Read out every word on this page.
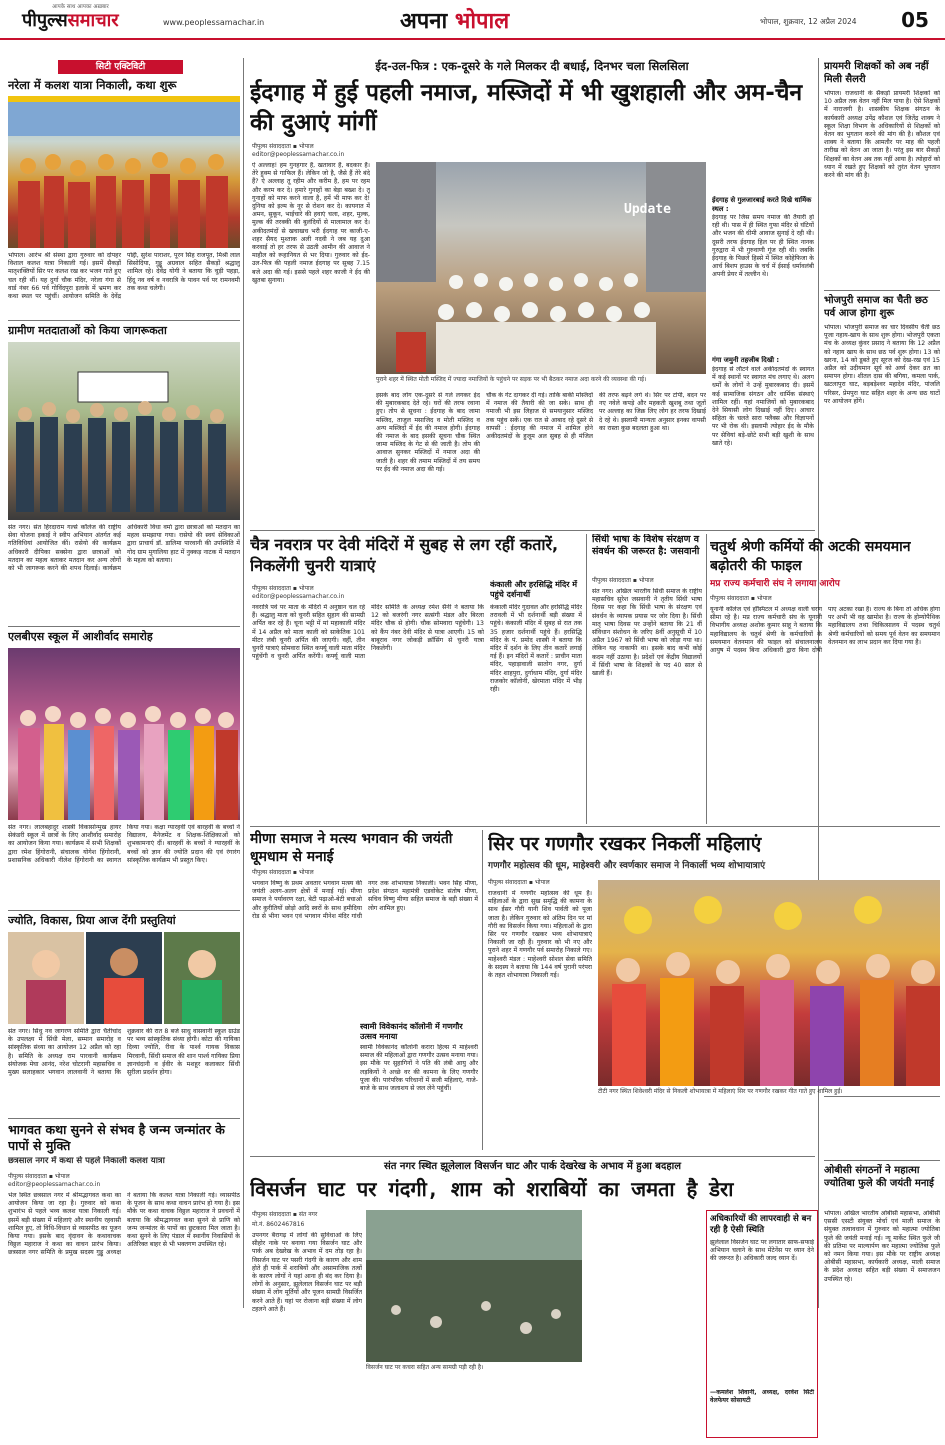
आपके साथ आपका अख़बार
पीपुल्ससमाचार	www.peoplessamachar.in	अपना भोपाल	भोपाल, शुक्रवार, 12 अप्रैल 2024	05
सिटी एक्टिविटी
नरेला में कलश यात्रा निकाली, कथा शुरू
भोपाल। आरंभ श्री संस्था द्वारा गुरुवार को दोपहर विशाल कलश यात्रा निकाली गई। इसमें सैकड़ों मातृशक्तियों सिर पर कलश रख कर भजन गाते हुए चल रही थीं। यह दुर्गा चौक मंदिर, नरेला गंगा से वार्ड नंबर 66 पर्व गोविंदपुरा इलाके में भ्रमण कर कथा स्थल पर पहुंचीं। आयोजन समिति के देवेंद्र पोद्दी, सुरेश पाराशर, पूरन सिंह राजपूत, मिश्री लाल सिसोदिया, गुड्डू अग्रवाल सहित सैकड़ों श्रद्धालु शामिल रहे। देवेंद्र योगी ने बताया कि चुड़ी पहड़ा, हिंदू नव वर्ष व नवरात्रि के पावन पर्व पर रामनवमी तक कथा चलेगी।
ग्रामीण मतदाताओं को किया जागरूकता
संत नगर। संत हिरदाराम गर्ल्स कॉलेज की राष्ट्रीय सेवा योजना इकाई ने स्वीप अभियान अंतर्गत कई गतिविधियां आयोजित कीं। रासेयो की कार्यक्रम अधिकारी दीपिका सक्सेना द्वारा छात्राओं को मतदान का महत्व बताकर मतदान कर अन्य लोगों को भी जागरूक करने की शपथ दिलाई। कार्यक्रम अधिकारी विधा वर्मा द्वारा छात्राओं को मतदान का महत्व समझाया गया। रासेयो की स्वयं सेविकाओं द्वारा प्राचार्य डॉ. डालिमा पारवानी की उपस्थिति में गोद ग्राम मुगालिया हाट में नुक्कड़ नाटक में मतदान के महत्व को बताया।
एलबीएस स्कूल में आशीर्वाद समारोह
संत नगर। लालबहादुर शास्त्री विकासोन्मुख हायर सेकंडरी स्कूल में छात्रों के लिए आशीर्वाद समारोह का आयोजन किया गया। कार्यक्रम में सभी शिक्षकों द्वारा रमेश हिंगोरानी, संचालक योगेश हिंगोरानी, प्रशासनिक अधिकारी नीलेश हिंगोरानी का स्वागत किया गया। कक्षा ग्यारहवीं एवं बारहवीं के बच्चों ने विद्यालय, मैनेजमेंट व शिक्षक-शिक्षिकाओं को शुभकामनाएं दीं। बारहवीं के बच्चों ने ग्यारहवीं के बच्चों को ज्ञान की ज्योति प्रदान की एवं रंगारंग सांस्कृतिक कार्यक्रम भी प्रस्तुत किए।
ज्योति, विकास, प्रिया आज देंगी प्रस्तुतियां
संत नगर। सिंधु नव जागरण समिति द्वारा चैतीचांद के उपलक्ष्य में सिंधी मेला, सम्मान समारोह व सांस्कृतिक संध्या का आयोजन 12 अप्रैल को रहा है। समिति के अध्यक्ष राम पारवानी कार्यक्रम संयोजक मेघा आनंद, नरेश चोटरानी महासचिव व मुख्य सलाहकार भगवान लालवानी ने बताया कि शुक्रवार की रात 8 बजे साधु वासवानी स्कूल ग्राउंड पर भव्य सांस्कृतिक संध्या होगी। कोटा की गायिका दिव्या ज्योति, रीवा के पार्श्व गायक विकास मिरवानी, सिंधी समाज की शान पार्श्व गायिका प्रिया ज्ञानचंदानी व ईवीर के मशहूर कलाकार सिंधी सुरीला प्रदर्शन होगा।
भागवत कथा सुनने से संभव है जन्म जन्मांतर के पापों से मुक्ति
छत्रसाल नगर में कथा से पहले निकाली कलश यात्रा
पीपुल्स संवाददाता ▪ भोपाल
editor@peoplessamachar.co.in
भेल स्थित छत्रसाल नगर में श्रीमद्भागवत कथा का आयोजन किया जा रहा है। गुरुवार को कथा शुभारंभ से पहले भव्य कलश यात्रा निकाली गई। इसमें बड़ी संख्या में महिलाएं और स्थानीय रहवासी शामिल हुए, तो विधि-विधान से व्यासपीठ का पूजन किया गया। इसके बाद वृंदावन के कथावाचक विठ्ठल महाराज ने कथा का वाचन प्रारंभ किया। छत्रसाल नगर समिति के प्रमुख सदस्य गुड्डू अध्यक्ष ने बताया कि कलश यात्रा निकाली गई। व्यासपीठ के पूजन के साथ कथा वाचन प्रारंभ हो गया है। इस मौके पर कथा वाचक विठ्ठल महाराज ने प्रवचनों में बताया कि श्रीमद्भागवत कथा सुनने से प्राणि को जन्म जन्मांतर के पापों का छुटकारा मिल जाता है। कथा सुनने के लिए पंडाल में स्थानीय निवासियों के अतिरिक्त बाहर से भी भक्तगण उपस्थित रहे।
ईद-उल-फित्र : एक-दूसरे के गले मिलकर दी बधाई, दिनभर चला सिलसिला
ईदगाह में हुई पहली नमाज, मस्जिदों में भी खुशहाली और अम-चैन की दुआएं मांगीं
पीपुल्स संवाददाता ▪ भोपाल
editor@peoplessamachar.co.in
ऐ अल्लाह! हम गुनहगार हैं, खतावार हैं, बदकार हैं। तेरे हुक्म से गाफिल हैं। लेकिन जो है, जैसे हैं तेरे बंदे हैं? ऐ अल्लाह तू रहीम और करीम है, हम पर रहम और करम कर दे। हमारे गुनाहों का बेड़ा बख्श दे। तू गुनाहों को माफ करने वाला है, हमें भी माफ कर दे! दुनिया को इल्म के नूर से रोशन कर दे। कायनात में अमन, सुकून, भाईचारे की हवाएं चला, शहर, मुल्क, मुल्क की तरक्की की बुलंदियों से मालामाल कर दे। अकीदतमंदों से खचाखच भरी ईदगाह पर काजी-ए-शहर सैयद मुश्ताक अली नदवी ने जब यह दुआ करवाई तो हर तरफ से उठती आमीन की आवाज ने माहौल को रूहानियत से भर दिया। गुरुवार को ईद-उल-फित्र की पहली नमाज ईदगाह पर सुबह 7.15 बजे अदा की गई। इससे पहले शहर काजी ने ईद की खुतबा सुनाया।
Update
पुराने शहर में स्थित मोती मस्जिद में ज्यादा नमाजियों के पहुंचने पर सड़क पर भी बैठकर नमाज अदा करने की व्यवस्था की गई।
इसके बाद लोग एक-दूसरे से गले लगकर ईद की मुबारकबाद देते रहे। घरों की तरफ रवाना हुए। तोप से सूचना : ईदगाह के बाद जामा मस्जिद, ताजुल मसाजिद व मोती मस्जिद व अन्य मस्जिदों में ईद की नमाज होगी। ईदगाह की नमाज के बाद इसकी सूचना चौक स्थित जामा मस्जिद के गेट से की जाती है। तोप की आवाज सुनकर मस्जिदों में नमाज अदा की जाती है। शहर की तमाम मस्जिदों में तय समय पर ईद की नमाज अदा की गई।
चौक के गेट दागकर दी गई। ताकि बाकी मस्जिदों में नमाज की तैयारी की जा सके। साथ ही नमाजी भी इस लिहाज से समयानुसार मस्जिद तक पहुंच सकें। एक रात से आबाद रहे दूसरे से वापसी : ईदगाह की नमाज में शामिल होने अकीदतमंदों के हुजूम अल सुबह से ही मंजिल की तरफ बढ़ने लगे थे। सिर पर टोपी, बदन पर नए नवेले कपड़े और महकती खुशबू तथा जूतों पर अल्लाह का जिक्र लिए लोग हर तरफ दिखाई दे रहे थे। इस्लामी मान्यता अनुसार इनका वापसी का रास्ता कुछ बदलता हुआ था।
ईदगाह से गुलजारबाई करते दिखे धार्मिक स्थल :
ईदगाह पर जिस समय नमाज की तैयारी हो रही थी। पास में ही स्थित गुफा मंदिर से घंटियों और भजन की धीमी आवाज सुनाई दे रही थी। दूसरी तरफ ईदगाह हिल पर ही स्थित नानक गुरुद्वारा में भी गुरुवाणी गूंज रही थी। जबकि ईदगाह के पिछले हिस्से में स्थित कोहेफिजा के आर्च बिशप हाउस के चर्च में ईसाई धर्मावलंबी अपनी प्रेयर में तल्लीन थे।
गंगा जमुनी तहजीब दिखी :
ईदगाह से लौटने वाले अकीदतमंदों के स्वागत में कई स्थानों पर स्वागत मंच लगाए थे। अलग धर्मों के लोगों ने उन्हें मुबारकबाद दी। इसमें कई सामाजिक संगठन और धार्मिक संस्थाएं शामिल रहीं। यहां नमाजियों को मुबारकबाद देने सियासी लोग दिखाई नहीं दिए। आचार संहिता के चलते सारा फ्लैक्स और विज्ञापनों पर भी रोक थी। इस्लामी त्योहार ईद के मौके पर सेवियां बड़े-छोटे सभी बड़ी खुशी के साथ खाते रहे।
प्रायमरी शिक्षकों को अब नहीं मिली सैलरी
भोपाल। राजधानी के सैकड़ों प्रायमरी शिक्षकों को 10 अप्रैल तक वेतन नहीं मिल पाया है। ऐसे शिक्षकों में नाराजगी है। शासकीय शिक्षक संगठन के कार्यकारी अध्यक्ष उपेंद्र कौशल एवं जितेंद्र शाक्य ने स्कूल शिक्षा विभाग के अधिकारियों से शिक्षकों को वेतन का भुगतान करने की मांग की है। कौशल एवं शाक्य ने बताया कि आमतौर पर माह की पहली तारीख को वेतन आ जाता है। परंतु इस बार सैकड़ों शिक्षकों का वेतन अब तक नहीं आया है। त्योहारों को ध्यान में रखते हुए शिक्षकों को तुरंत वेतन भुगतान करने की मांग की है।
भोजपुरी समाज का चैती छठ पर्व आज होगा शुरू
भोपाल। भोजपुरी समाज का चार दिवसीय चैती छठ पूजा नहाय-खाय के साथ शुरू होगा। भोजपुरी एकता मंच के अध्यक्ष कुंवर प्रसाद ने बताया कि 12 अप्रैल को नहाय खाय के साथ छठ पर्व शुरू होगा। 13 को खरना, 14 को डूबते हुए सूरज को देख-रख एवं 15 अप्रैल को उदीयमान सूर्य को अर्घ्य देकर व्रत का समापन होगा। शीतल दास की बगिया, कमला पार्क, खटलापुरा घाट, बड़बड़ेश्वर महादेव मंदिर, पांजलि परिसर, प्रेमपुरा घाट सहित शहर के अन्य छठ घाटों पर आयोजन होंगे।
चैत्र नवरात्र पर देवी मंदिरों में सुबह से लग रहीं कतारें, निकलेंगी चुनरी यात्राएं
पीपुल्स संवाददाता ▪ भोपाल
editor@peoplessamachar.co.in
नवरात्रि पर्व पर माता के मंदिरों में अनुष्ठान चल रहे हैं। श्रद्धालु माता को चुनरी सहित सुहाग की सामग्री अर्पित कर रहे हैं। चूना भट्टी में मां महाकाली मंदिर में 14 अप्रैल को माता काली को साकेतिक 101 मीटर लंबी चुनरी अर्पित की जाएगी। वहीं, तीन चुनरी यात्राएं सोमवारा स्थित कर्फ्यू वाली माता मंदिर पहुंचेंगी व चुनरी अर्पित करेंगी। कर्फ्यू वाली माता मंदिर समिति के अध्यक्ष रमेश सैनी ने बताया कि 12 को बजरंगी नगर सत्संगी मंडल और बिरला मंदिर चौक से होगी। चौक सोमवारा पहुंचेगी। 13 को कैंप नंबर देवी मंदिर से यात्रा आएगी। 15 को बाबूराव नगर जोकड़ी क्रॉसिंग से चुनरी यात्रा निकलेगी।
कंकाली और हरसिद्धि मंदिर में पहुंचे दर्शनार्थी
कंकाली मंदिर गुदावल और हरसिद्धि मंदिर तरावली में भी दर्शनार्थी बड़ी संख्या में पहुंचे। कंकाली मंदिर में सुबह से रात तक 35 हजार दर्शनार्थी पहुंचे हैं। हरसिद्धि मंदिर के पं. प्रमोद शास्त्री ने बताया कि मंदिर में दर्शन के लिए तीन कतारें लगाई गई हैं। इन मंदिरों में कतारें : प्राचीन माता मंदिर, पहाड़ावाली सातोग नगर, दुर्गा मंदिर शाहपुरा, दुर्गाधाम मंदिर, दुर्गा मंदिर राजकोर कॉलोनी, खेरमाता मंदिर में भीड़ रही।
सिंधी भाषा के विशेष संरक्षण व संवर्धन की जरूरत है: जसवानी
पीपुल्स संवाददाता ▪ भोपाल
संत नगर। अखिल भारतीय सिंधी समाज के राष्ट्रीय महासचिव सुरेश जसवानी ने तृतीय सिंधी भाषा दिवस पर कहा कि सिंधी भाषा के संरक्षण एवं संवर्धन के व्यापक प्रयास पर जोर दिया है। सिंधी मातृ भाषा दिवस पर उन्होंने बताया कि 21 वीं संविधान संशोधन के जरिए 8वीं अनुसूची में 10 अप्रैल 1967 को सिंधी भाषा को जोड़ा गया था। लेकिन यह नाकाफी था। इसके बाद कभी कोई कदम नहीं उठाया है। प्रदेशों एवं केंद्रीय विद्यालयों में सिंधी भाषा के शिक्षकों के पद 40 साल से खाली हैं।
चतुर्थ श्रेणी कर्मियों की अटकी समयमान बढ़ोतरी की फाइल
मप्र राज्य कर्मचारी संघ ने लगाया आरोप
पीपुल्स संवाददाता ▪ भोपाल
यूनानी कॉलेज एवं हॉस्पिटल में अध्यक्ष वाली चरण सीमा रहे है। मप्र राज्य कर्मचारी संघ के यूनानी विभागीय अध्यक्ष अशोक कुमार साहू ने बताया कि महाविद्यालय के चतुर्थ श्रेणी के कर्मचारियों के समयमान वेतनमान की फाइल को संचालनालय आयुष में पदस्थ बिना अधिकारी द्वारा बिना दोषी पाए अटका रखा है। राज्य के बिना तो अधिक होगा पर अभी भी वह खामोश है। राज्य के होम्योपैथिक महाविद्यालय तथा चिकित्सालय में पदस्थ चतुर्थ श्रेणी कर्मचारियों को समय पूर्व वेतन का समयमान वेतनमान का लाभ प्रदान कर दिया गया है।
मीणा समाज ने मत्स्य भगवान की जयंती धूमधाम से मनाई
पीपुल्स संवाददाता ▪ भोपाल
भगवान विष्णु के प्रथम अवतार भगवान मत्स्य की जयंती अलग-अलग क्षेत्रों में मनाई गई। मीणा समाज ने पर्यावरण रक्षा, बेटी पढ़ाओ-बेटी बचाओ और कुरीतियों छोड़ो आदि स्वरों के साथ हमीदिया रोड से भीना भवन एवं भगवान मीनेश मंदिर गांधी नगर तक शोभायात्रा निकाली। भवन सिंह मीणा, प्रदेश संगठन महामंत्री एडवोकेट संतोष मीणा, सचिव विष्णु मीणा सहित समाज के बड़ी संख्या में लोग शामिल हुए।
स्वामी विवेकानंद कॉलोनी में गणगौर उत्सव मनाया
स्वामी विवेकानंद कॉलोनी करारा हिल्स में माहेश्वरी समाज की महिलाओं द्वारा गणगौर उत्सव मनाया गया। इस मौके पर सुहागिनों ने पति की लंबी आयु और लड़कियों ने अच्छे वर की कामना के लिए गणगौर पूजा की। पारंपरिक परिधानों में सजी महिलाएं, गाजे-बाजे के साथ जलाशय से जल लेने पहुंचीं।
सिर पर गणगौर रखकर निकलीं महिलाएं
गणगौर महोत्सव की धूम, माहेश्वरी और स्वर्णकार समाज ने निकालीं भव्य शोभायात्राएं
पीपुल्स संवाददाता ▪ भोपाल
राजधानी में गणगौर महोत्सव की धूम है। महिलाओं के द्वारा सुख समृद्धि की कामना के साथ ईसर गौरी यानी शिव पार्वती को पूजा जाता है। लेकिन गुरुवार को अंतिम दिन पर मां गौरी का विसर्जन किया गया। महिलाओं के द्वारा सिर पर गणगौर रखकर भव्य शोभायात्राएं निकाली जा रही हैं। गुरुवार को भी नए और पुराने शहर में गणगौर पर्व समारोह निकाले गए। माहेश्वरी मंडल : माहेश्वरी सोशल सेवा समिति के सदस्य ने बताया कि 144 वर्ष पुरानी परंपरा के तहत शोभायात्रा निकाली गई।
टीटी नगर स्थित शिवेश्वरी मंदिर से निकली शोभायात्रा में महिलाएं सिर पर गणगौर रखकर गीत गाते हुए शामिल हुईं।
संत नगर स्थित झूलेलाल विसर्जन घाट और पार्क देखरेख के अभाव में हुआ बदहाल
विसर्जन घाट पर गंदगी, शाम को शराबियों का जमता है डेरा
पीपुल्स संवाददाता ▪ संत नगर
मो.नं. 8602467816
उपनगर बैरागढ़ में लोगों की सुविधाओं के लिए सीहोर नाके पर बनाया गया विसर्जन घाट और पार्क अब देखरेख के अभाव में दम तोड़ रहा है। विसर्जन घाट पर पसरी गंदगी के कारण और शाम होते ही पार्क में शराबियों और असामाजिक तत्वों के कारण लोगों ने यहां आना ही बंद कर दिया है। लोगों के अनुसार, झूलेलाल विसर्जन घाट पर बड़ी संख्या में लोग मूर्तियों और पूजन सामग्री विसर्जित करने आते हैं। यहां पर रोजाना बड़ी संख्या में लोग टहलने आते हैं।
विसर्जन घाट पर कचरा सहित अन्य सामग्री पड़ी रही है।
अधिकारियों की लापरवाही से बन रही है ऐसी स्थिति
झूलेलाल विसर्जन घाट पर लगातार साफ-सफाई अभियान चलाने के साथ मेंटेनेंस पर ध्यान देने की जरूरत है। अधिकारी जल्द ध्यान दें।
—कमलेश शिवानी, अध्यक्ष, दरवेश सिटी वेलफेयर सोसायटी
ओबीसी संगठनों ने महात्मा ज्योतिबा फुले की जयंती मनाई
भोपाल। अखिल भारतीय ओबीसी महासभा, ओबीसी एससी एसटी संयुक्त मोर्चा एवं माली समाज के संयुक्त तत्वावधान में गुरुवार को महात्मा ज्योतिबा फुले की जयंती मनाई गई। न्यू मार्केट स्थित फुले जी की प्रतिमा पर माल्यार्पण कर महात्मा ज्योतिबा फुले को नमन किया गया। इस मौके पर राष्ट्रीय अध्यक्ष ओबीसी महासभा, कार्यकारी अध्यक्ष, माली समाज के प्रदेश अध्यक्ष सहित बड़ी संख्या में समाजजन उपस्थित रहे।
